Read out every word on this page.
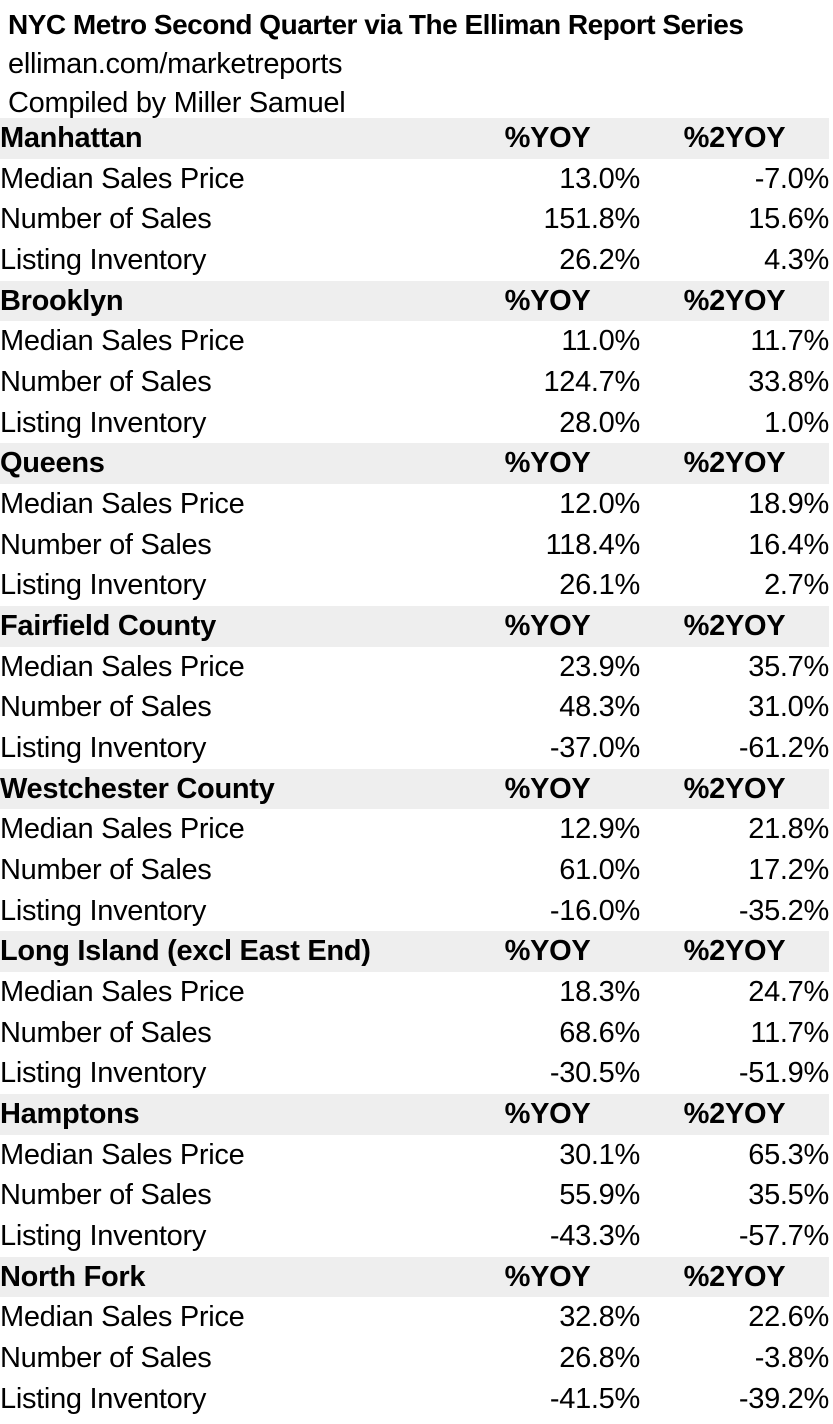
NYC Metro Second Quarter via The Elliman Report Series
elliman.com/marketreports
Compiled by Miller Samuel
Manhattan	%YOY	%2YOY
Median Sales Price	13.0%	-7.0%
Number of Sales	151.8%	15.6%
Listing Inventory	26.2%	4.3%
Brooklyn	%YOY	%2YOY
Median Sales Price	11.0%	11.7%
Number of Sales	124.7%	33.8%
Listing Inventory	28.0%	1.0%
Queens	%YOY	%2YOY
Median Sales Price	12.0%	18.9%
Number of Sales	118.4%	16.4%
Listing Inventory	26.1%	2.7%
Fairfield County	%YOY	%2YOY
Median Sales Price	23.9%	35.7%
Number of Sales	48.3%	31.0%
Listing Inventory	-37.0%	-61.2%
Westchester County	%YOY	%2YOY
Median Sales Price	12.9%	21.8%
Number of Sales	61.0%	17.2%
Listing Inventory	-16.0%	-35.2%
Long Island (excl East End)	%YOY	%2YOY
Median Sales Price	18.3%	24.7%
Number of Sales	68.6%	11.7%
Listing Inventory	-30.5%	-51.9%
Hamptons	%YOY	%2YOY
Median Sales Price	30.1%	65.3%
Number of Sales	55.9%	35.5%
Listing Inventory	-43.3%	-57.7%
North Fork	%YOY	%2YOY
Median Sales Price	32.8%	22.6%
Number of Sales	26.8%	-3.8%
Listing Inventory	-41.5%	-39.2%
